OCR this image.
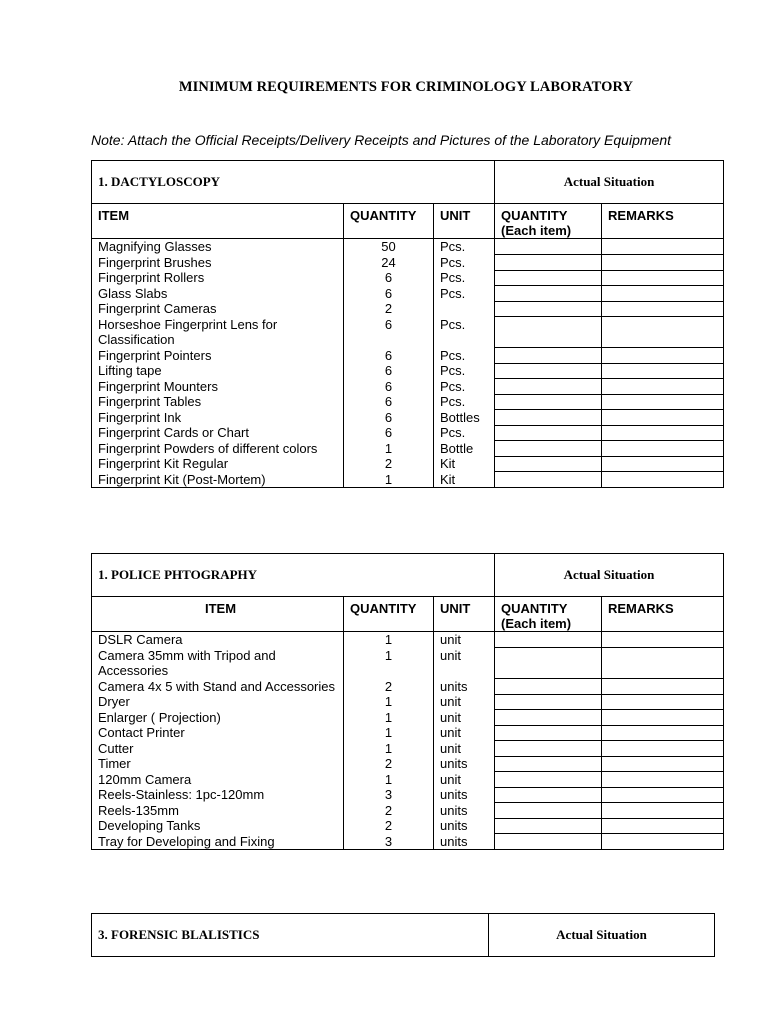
MINIMUM REQUIREMENTS FOR CRIMINOLOGY LABORATORY
Note: Attach the Official Receipts/Delivery Receipts and Pictures of the Laboratory Equipment
1. DACTYLOSCOPY			Actual Situation	
ITEM	QUANTITY	UNIT	QUANTITY (Each item)	REMARKS
Magnifying Glasses	50	Pcs.		
Fingerprint Brushes	24	Pcs.		
Fingerprint Rollers	6	Pcs.		
Glass Slabs	6	Pcs.		
Fingerprint Cameras	2			
Horseshoe Fingerprint Lens for Classification	6	Pcs.		
Fingerprint Pointers	6	Pcs.		
Lifting tape	6	Pcs.		
Fingerprint Mounters	6	Pcs.		
Fingerprint Tables	6	Pcs.		
Fingerprint Ink	6	Bottles		
Fingerprint Cards or Chart	6	Pcs.		
Fingerprint Powders of different colors	1	Bottle		
Fingerprint Kit Regular	2	Kit		
Fingerprint Kit (Post-Mortem)	1	Kit		
1. POLICE PHTOGRAPHY			Actual Situation	
ITEM	QUANTITY	UNIT	QUANTITY (Each item)	REMARKS
DSLR Camera	1	unit		
Camera 35mm with Tripod and Accessories	1	unit		
Camera 4x 5 with Stand and Accessories	2	units		
Dryer	1	unit		
Enlarger ( Projection)	1	unit		
Contact Printer	1	unit		
Cutter	1	unit		
Timer	2	units		
120mm Camera	1	unit		
Reels-Stainless: 1pc-120mm	3	units		
Reels-135mm	2	units		
Developing Tanks	2	units		
Tray for Developing and Fixing	3	units		
3. FORENSIC BLALISTICS	Actual Situation
